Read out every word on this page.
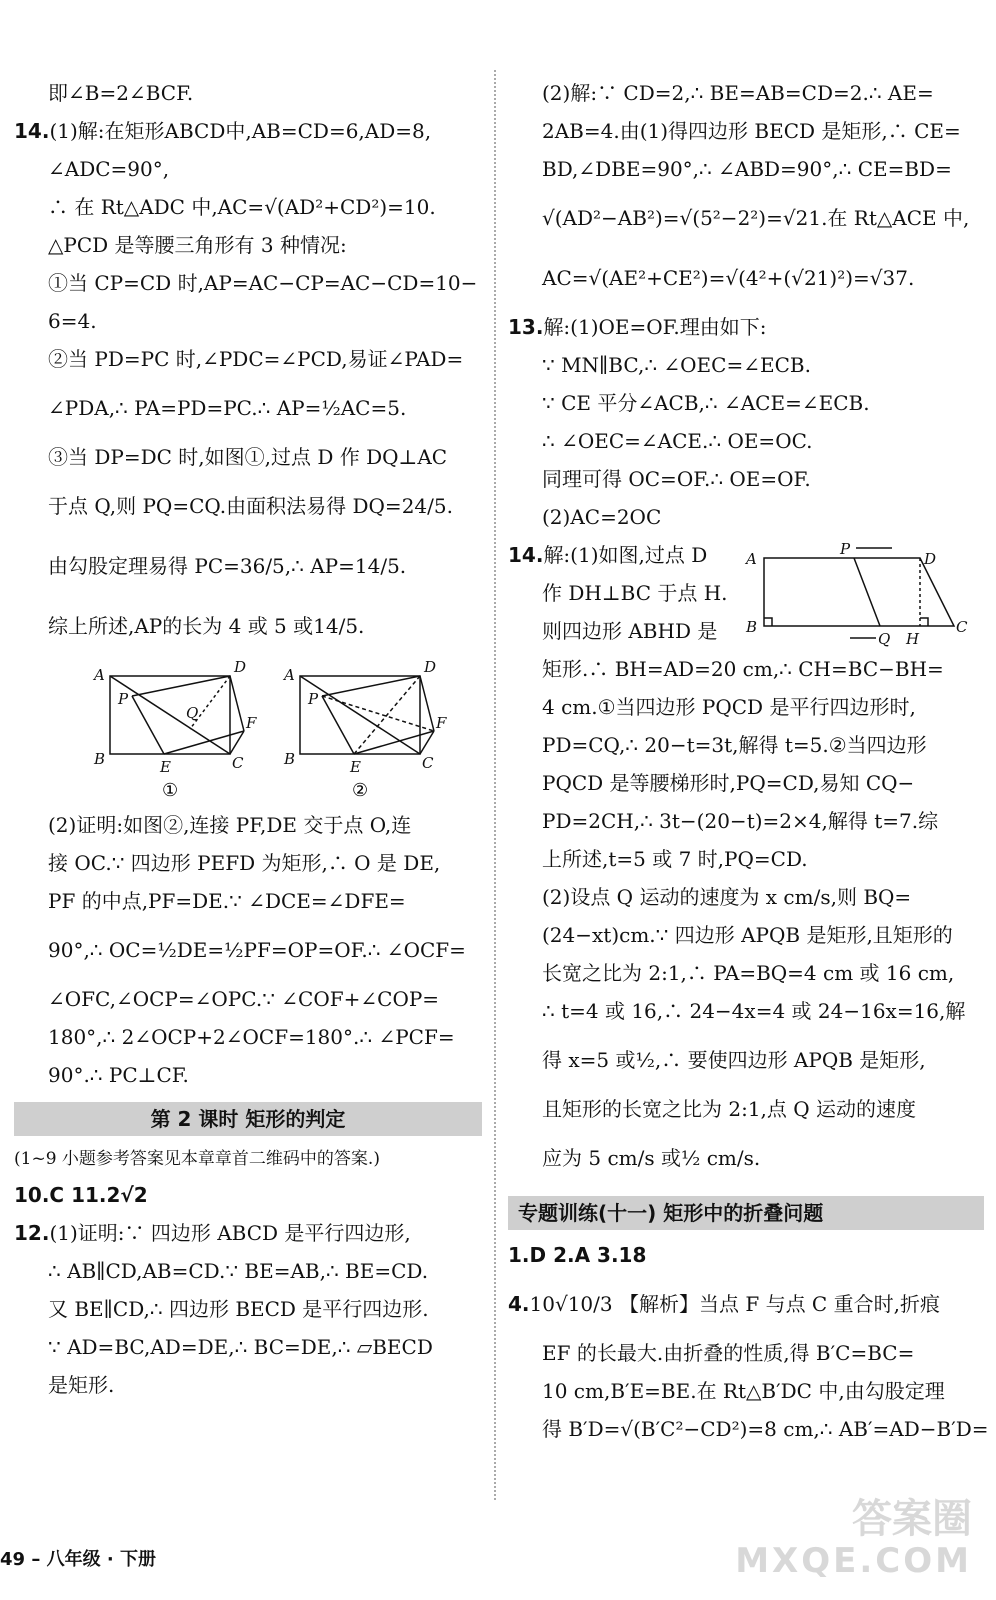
即∠B=2∠BCF.
14.(1)解:在矩形ABCD中,AB=CD=6,AD=8,
∠ADC=90°,
∴ 在 Rt△ADC 中,AC=√(AD²+CD²)=10.
△PCD 是等腰三角形有 3 种情况:
①当 CP=CD 时,AP=AC−CP=AC−CD=10−
6=4.
②当 PD=PC 时,∠PDC=∠PCD,易证∠PAD=
∠PDA,∴ PA=PD=PC.∴ AP=½AC=5.
③当 DP=DC 时,如图①,过点 D 作 DQ⊥AC
于点 Q,则 PQ=CQ.由面积法易得 DQ=24/5.
由勾股定理易得 PC=36/5,∴ AP=14/5.
综上所述,AP的长为 4 或 5 或14/5.
A	D
P
Q
F
B	E	C
A	D
P
F
B	E	C
①	②
(2)证明:如图②,连接 PF,DE 交于点 O,连
接 OC.∵ 四边形 PEFD 为矩形,∴ O 是 DE,
PF 的中点,PF=DE.∵ ∠DCE=∠DFE=
90°,∴ OC=½DE=½PF=OP=OF.∴ ∠OCF=
∠OFC,∠OCP=∠OPC.∵ ∠COF+∠COP=
180°,∴ 2∠OCP+2∠OCF=180°.∴ ∠PCF=
90°.∴ PC⊥CF.
第 2 课时 矩形的判定
(1~9 小题参考答案见本章章首二维码中的答案.)
10.C 11.2√2
12.(1)证明:∵ 四边形 ABCD 是平行四边形,
∴ AB∥CD,AB=CD.∵ BE=AB,∴ BE=CD.
又 BE∥CD,∴ 四边形 BECD 是平行四边形.
∵ AD=BC,AD=DE,∴ BC=DE,∴ ▱BECD
是矩形.
(2)解:∵ CD=2,∴ BE=AB=CD=2.∴ AE=
2AB=4.由(1)得四边形 BECD 是矩形,∴ CE=
BD,∠DBE=90°,∴ ∠ABD=90°,∴ CE=BD=
√(AD²−AB²)=√(5²−2²)=√21.在 Rt△ACE 中,
AC=√(AE²+CE²)=√(4²+(√21)²)=√37.
13.解:(1)OE=OF.理由如下:
∵ MN∥BC,∴ ∠OEC=∠ECB.
∵ CE 平分∠ACB,∴ ∠ACE=∠ECB.
∴ ∠OEC=∠ACE.∴ OE=OC.
同理可得 OC=OF.∴ OE=OF.
(2)AC=2OC
14.解:(1)如图,过点 D
作 DH⊥BC 于点 H.
则四边形 ABHD 是
A
P
D
B
Q H
C
矩形.∴ BH=AD=20 cm,∴ CH=BC−BH=
4 cm.①当四边形 PQCD 是平行四边形时,
PD=CQ,∴ 20−t=3t,解得 t=5.②当四边形
PQCD 是等腰梯形时,PQ=CD,易知 CQ−
PD=2CH,∴ 3t−(20−t)=2×4,解得 t=7.综
上所述,t=5 或 7 时,PQ=CD.
(2)设点 Q 运动的速度为 x cm/s,则 BQ=
(24−xt)cm.∵ 四边形 APQB 是矩形,且矩形的
长宽之比为 2:1,∴ PA=BQ=4 cm 或 16 cm,
∴ t=4 或 16,∴ 24−4x=4 或 24−16x=16,解
得 x=5 或½,∴ 要使四边形 APQB 是矩形,
且矩形的长宽之比为 2:1,点 Q 运动的速度
应为 5 cm/s 或½ cm/s.
专题训练(十一) 矩形中的折叠问题
1.D 2.A 3.18
4.10√10/3 【解析】当点 F 与点 C 重合时,折痕
EF 的长最大.由折叠的性质,得 B′C=BC=
10 cm,B′E=BE.在 Rt△B′DC 中,由勾股定理
得 B′D=√(B′C²−CD²)=8 cm,∴ AB′=AD−B′D=
49 – 八年级 · 下册
答案圈
MXQE.COM
